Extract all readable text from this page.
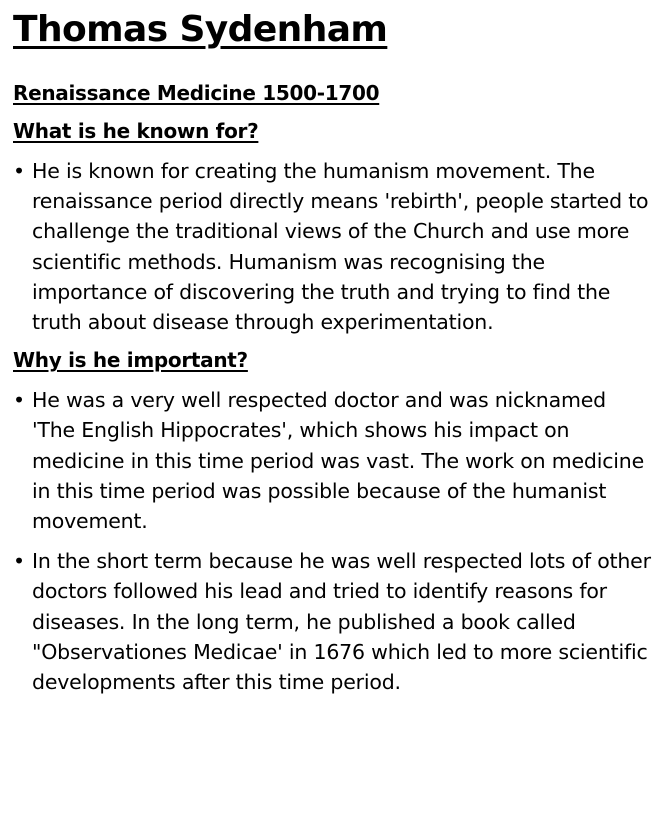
Thomas Sydenham
Renaissance Medicine 1500-1700
What is he known for?
• He is known for creating the humanism movement. The renaissance period directly means 'rebirth', people started to challenge the traditional views of the Church and use more scientific methods. Humanism was recognising the importance of discovering the truth and trying to find the truth about disease through experimentation.
Why is he important?
• He was a very well respected doctor and was nicknamed 'The English Hippocrates', which shows his impact on medicine in this time period was vast. The work on medicine in this time period was possible because of the humanist movement.
• In the short term because he was well respected lots of other doctors followed his lead and tried to identify reasons for diseases. In the long term, he published a book called "Observationes Medicae' in 1676 which led to more scientific developments after this time period.
